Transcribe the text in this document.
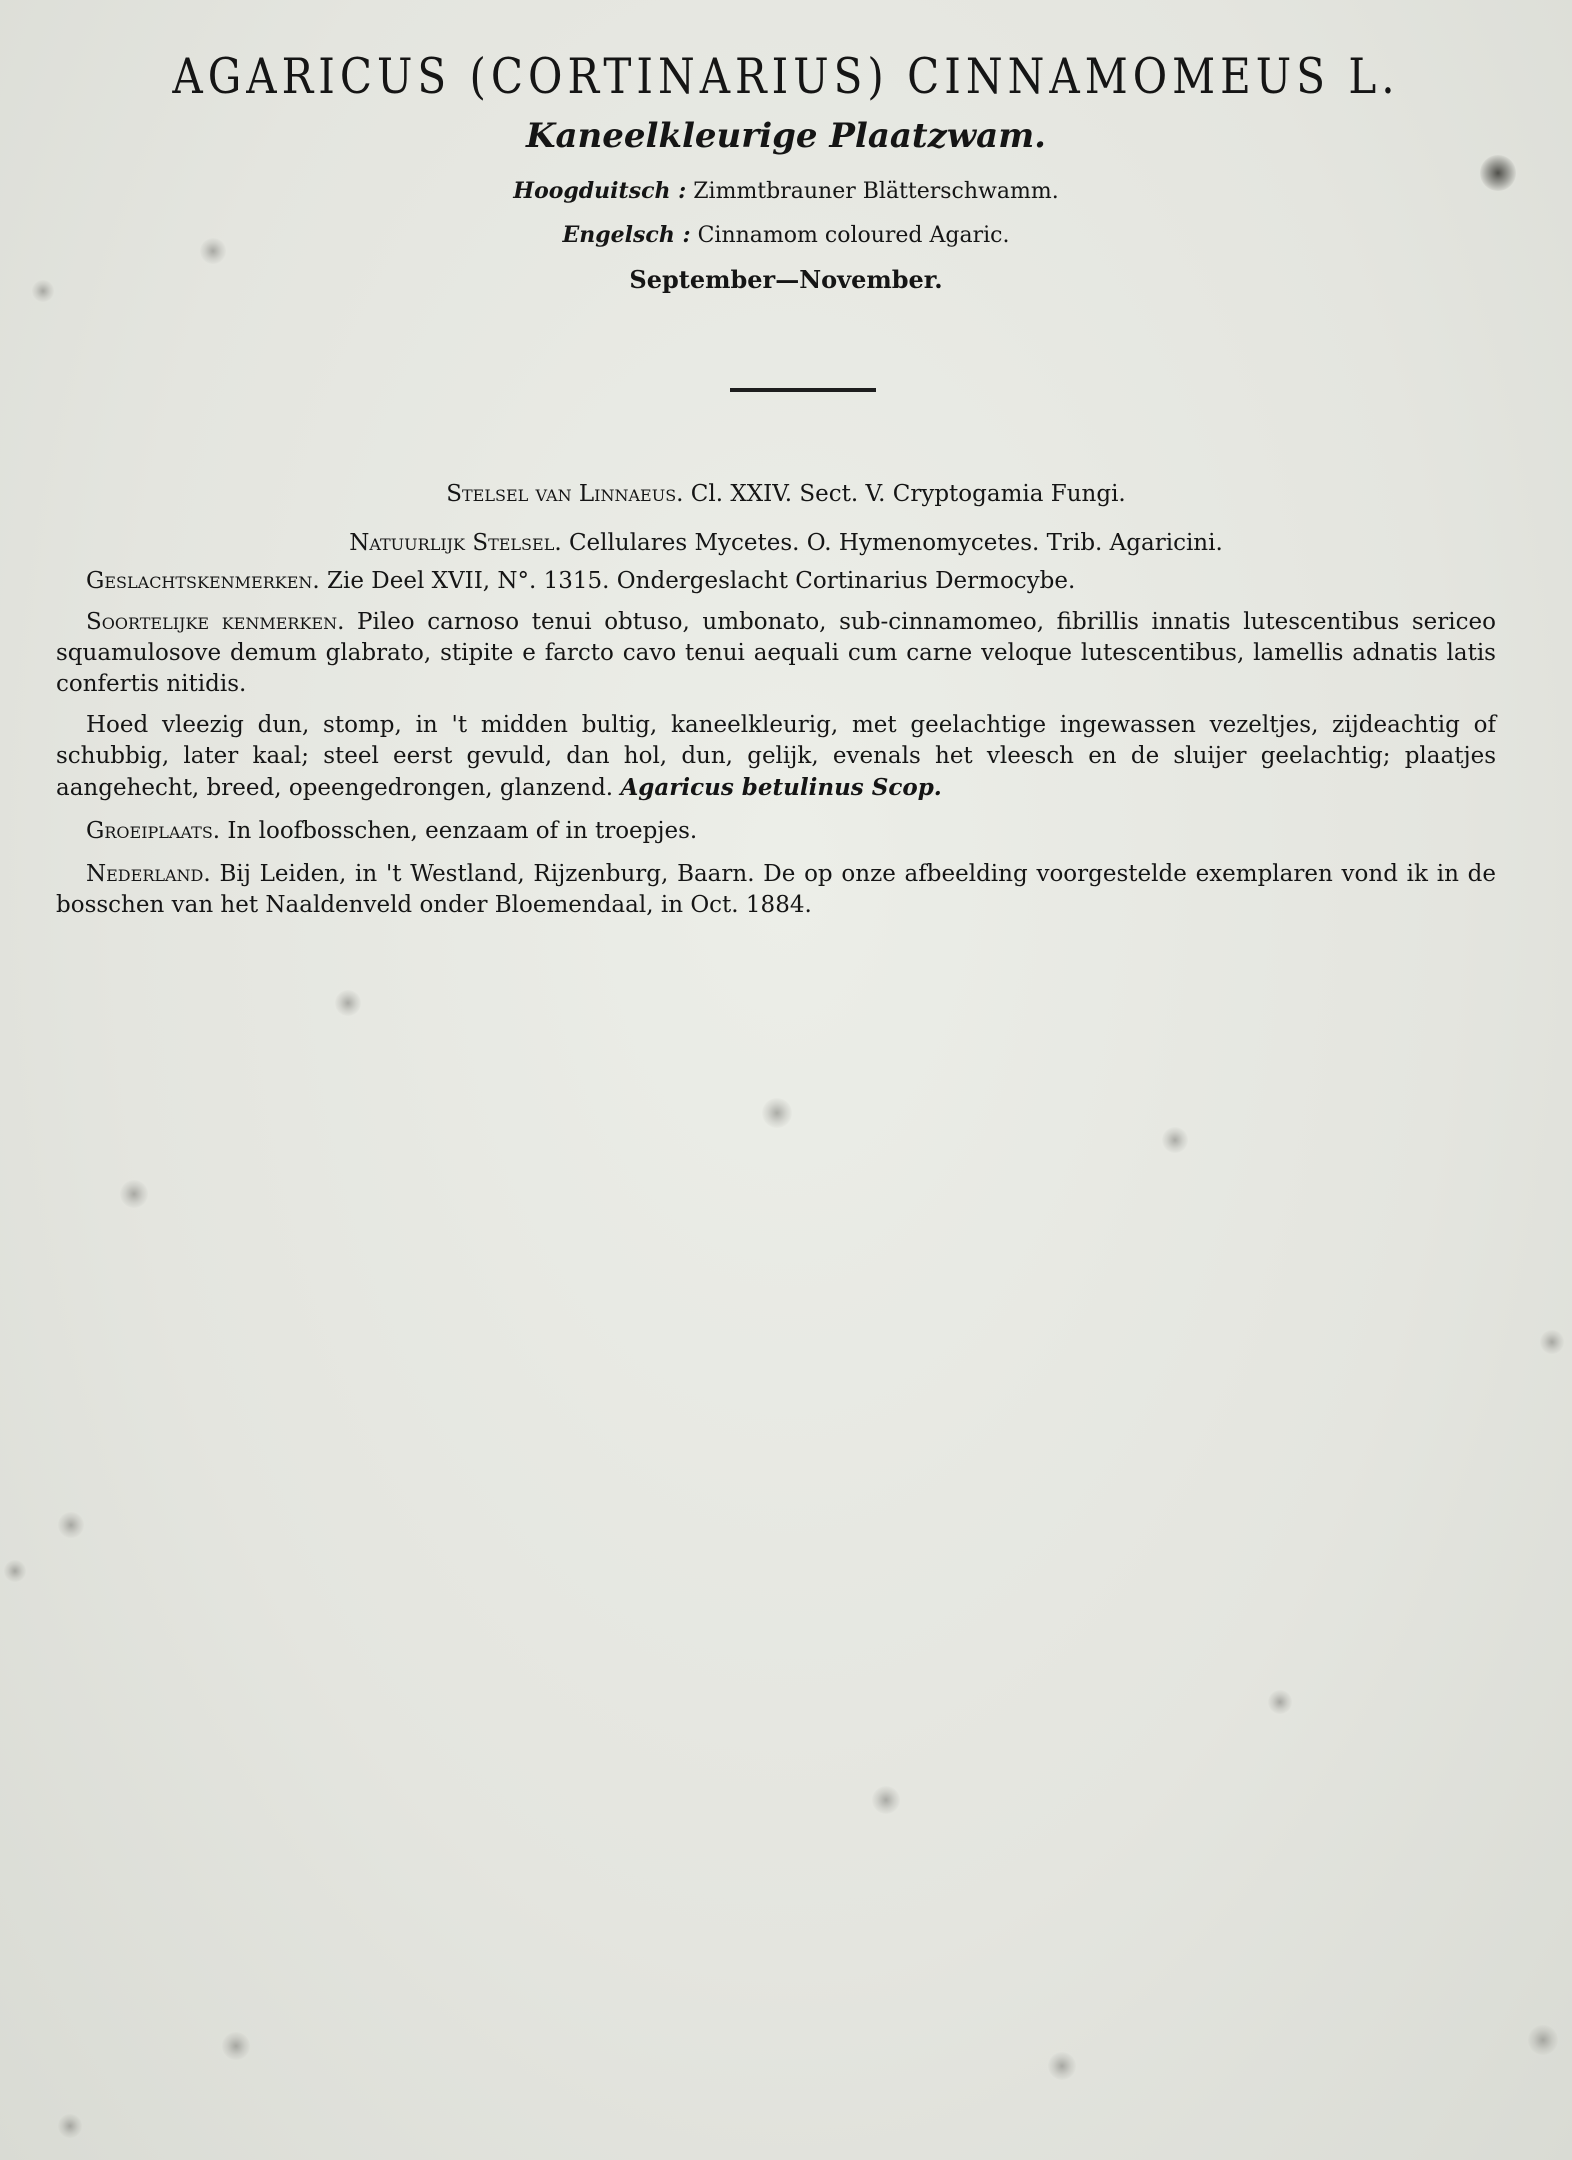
AGARICUS (CORTINARIUS) CINNAMOMEUS L.
Kaneelkleurige Plaatzwam.
Hoogduitsch : Zimmtbrauner Blätterschwamm.
Engelsch : Cinnamom coloured Agaric.
September—November.
Stelsel van Linnaeus. Cl. XXIV. Sect. V. Cryptogamia Fungi.
Natuurlijk Stelsel. Cellulares Mycetes. O. Hymenomycetes. Trib. Agaricini.

Geslachtskenmerken. Zie Deel XVII, N°. 1315. Ondergeslacht Cortinarius Dermocybe.

Soortelijke kenmerken. Pileo carnoso tenui obtuso, umbonato, sub-cinnamomeo, fibrillis innatis lutescentibus sericeo squamulosove demum glabrato, stipite e farcto cavo tenui aequali cum carne veloque lutescentibus, lamellis adnatis latis confertis nitidis.

Hoed vleezig dun, stomp, in 't midden bultig, kaneelkleurig, met geelachtige ingewassen vezeltjes, zijdeachtig of schubbig, later kaal; steel eerst gevuld, dan hol, dun, gelijk, evenals het vleesch en de sluijer geelachtig; plaatjes aangehecht, breed, opeengedrongen, glanzend. Agaricus betulinus Scop.

Groeiplaats. In loofbosschen, eenzaam of in troepjes.

Nederland. Bij Leiden, in 't Westland, Rijzenburg, Baarn. De op onze afbeelding voorgestelde exemplaren vond ik in de bosschen van het Naaldenveld onder Bloemendaal, in Oct. 1884.
